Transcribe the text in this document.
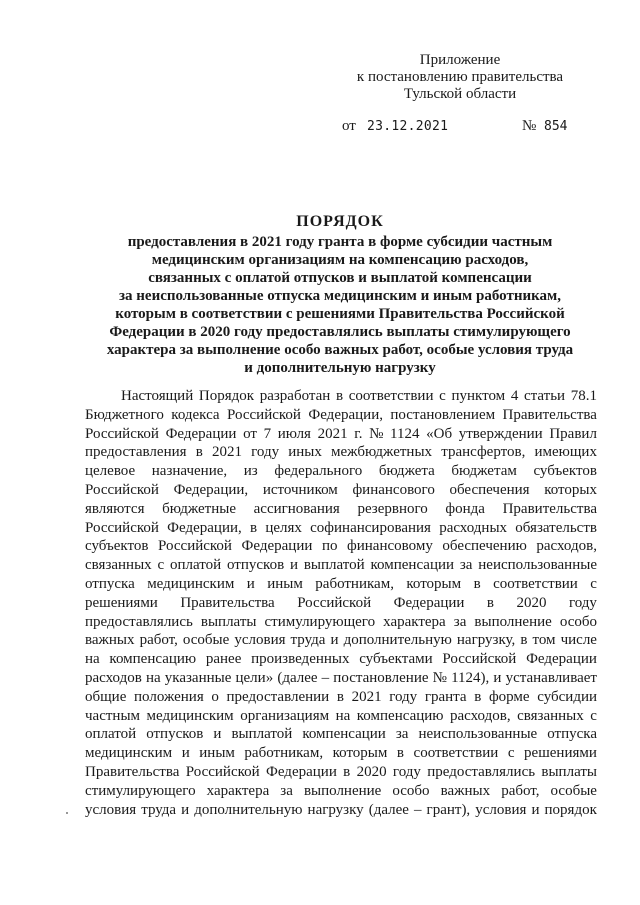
Приложение
к постановлению правительства
Тульской области
от 23.12.2021	№ 854
ПОРЯДОК
предоставления в 2021 году гранта в форме субсидии частным
медицинским организациям на компенсацию расходов,
связанных с оплатой отпусков и выплатой компенсации
за неиспользованные отпуска медицинским и иным работникам,
которым в соответствии с решениями Правительства Российской
Федерации в 2020 году предоставлялись выплаты стимулирующего
характера за выполнение особо важных работ, особые условия труда
и дополнительную нагрузку
Настоящий Порядок разработан в соответствии с пунктом 4 статьи 78.1
Бюджетного кодекса Российской Федерации, постановлением Правительства
Российской Федерации от 7 июля 2021 г. № 1124 «Об утверждении Правил
предоставления в 2021 году иных межбюджетных трансфертов, имеющих
целевое назначение, из федерального бюджета бюджетам субъектов
Российской Федерации, источником финансового обеспечения которых
являются бюджетные ассигнования резервного фонда Правительства
Российской Федерации, в целях софинансирования расходных обязательств
субъектов Российской Федерации по финансовому обеспечению расходов,
связанных с оплатой отпусков и выплатой компенсации за неиспользованные
отпуска медицинским и иным работникам, которым в соответствии с
решениями Правительства Российской Федерации в 2020 году
предоставлялись выплаты стимулирующего характера за выполнение особо
важных работ, особые условия труда и дополнительную нагрузку, в том числе
на компенсацию ранее произведенных субъектами Российской Федерации
расходов на указанные цели» (далее – постановление № 1124), и устанавливает
общие положения о предоставлении в 2021 году гранта в форме субсидии
частным медицинским организациям на компенсацию расходов, связанных с
оплатой отпусков и выплатой компенсации за неиспользованные отпуска
медицинским и иным работникам, которым в соответствии с решениями
Правительства Российской Федерации в 2020 году предоставлялись выплаты
стимулирующего характера за выполнение особо важных работ, особые
условия труда и дополнительную нагрузку (далее – грант), условия и порядок
